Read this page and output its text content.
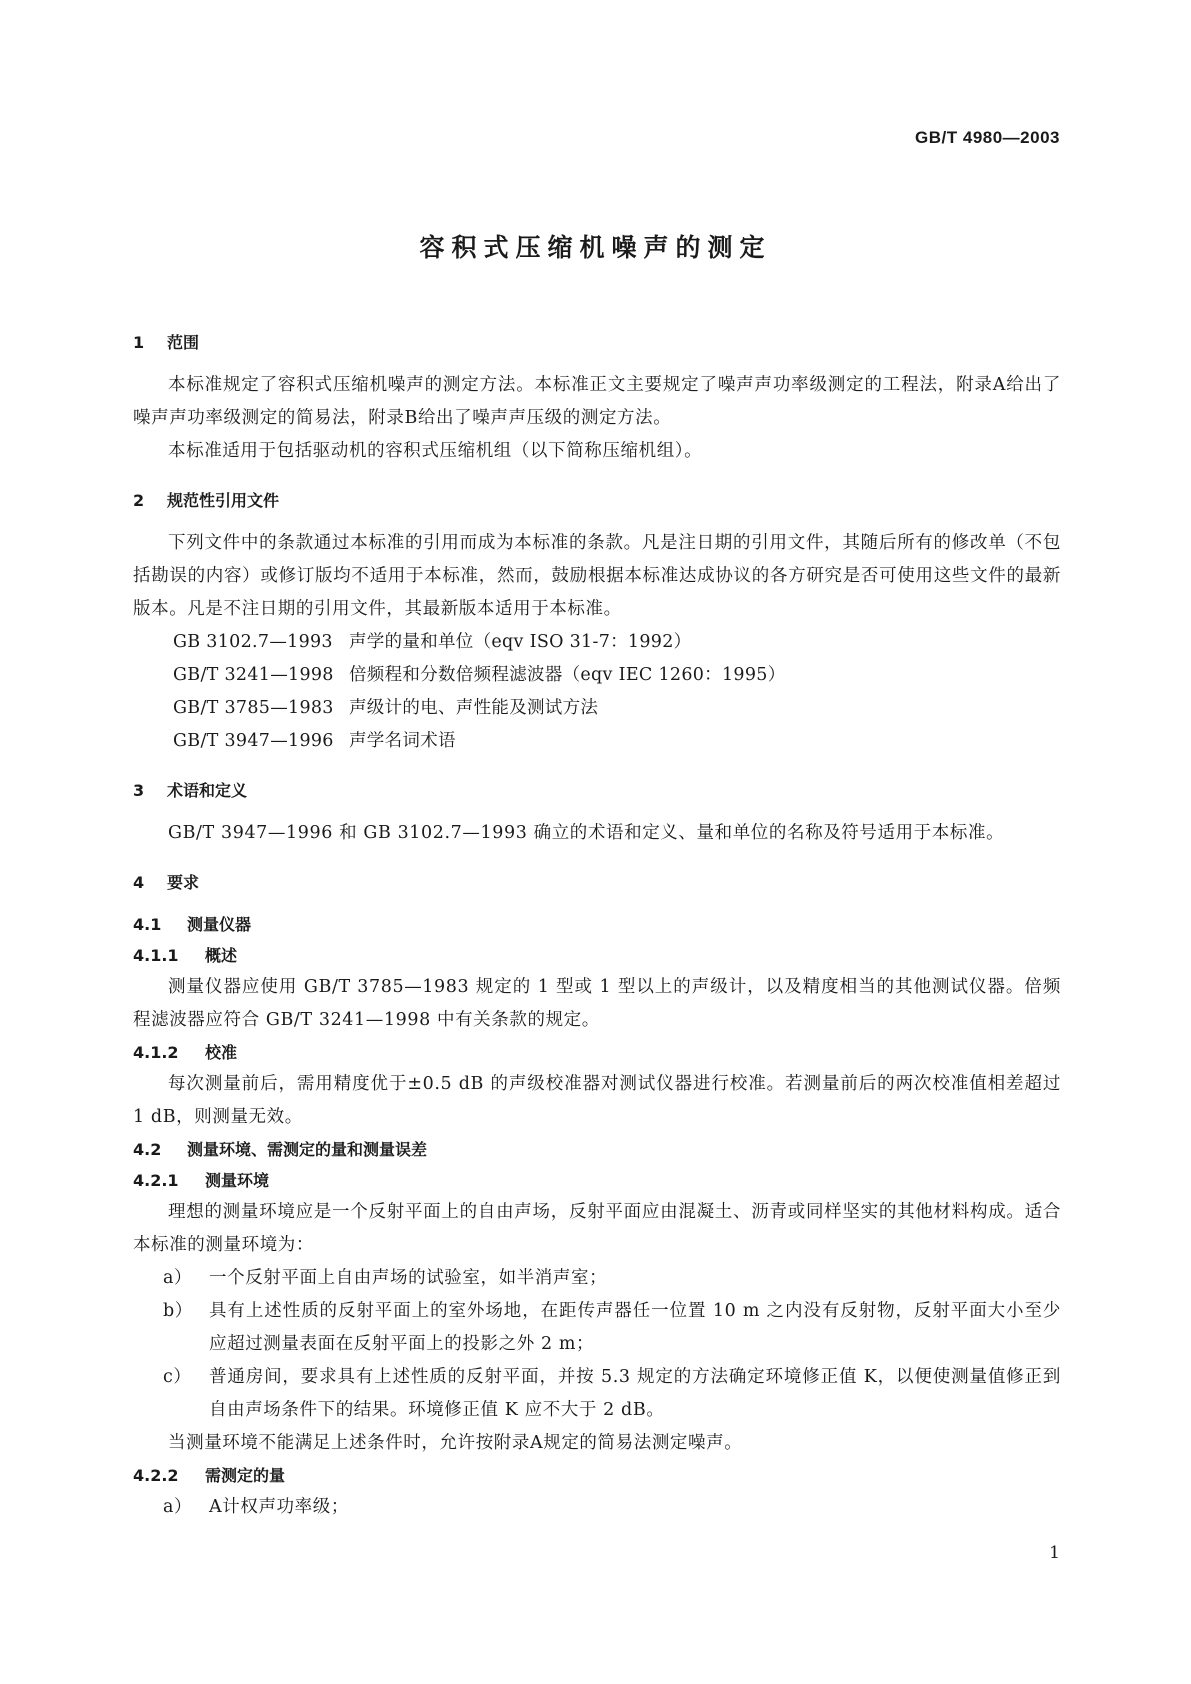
GB/T 4980—2003
容积式压缩机噪声的测定
1	范围

本标准规定了容积式压缩机噪声的测定方法。本标准正文主要规定了噪声声功率级测定的工程法，附录A给出了噪声声功率级测定的简易法，附录B给出了噪声声压级的测定方法。

本标准适用于包括驱动机的容积式压缩机组（以下简称压缩机组）。

2	规范性引用文件

下列文件中的条款通过本标准的引用而成为本标准的条款。凡是注日期的引用文件，其随后所有的修改单（不包括勘误的内容）或修订版均不适用于本标准，然而，鼓励根据本标准达成协议的各方研究是否可使用这些文件的最新版本。凡是不注日期的引用文件，其最新版本适用于本标准。

GB 3102.7—1993 声学的量和单位（eqv ISO 31-7：1992）
GB/T 3241—1998 倍频程和分数倍频程滤波器（eqv IEC 1260：1995）
GB/T 3785—1983 声级计的电、声性能及测试方法
GB/T 3947—1996 声学名词术语
3	术语和定义

GB/T 3947—1996 和 GB 3102.7—1993 确立的术语和定义、量和单位的名称及符号适用于本标准。

4	要求
4.1	测量仪器
4.1.1	概述

测量仪器应使用 GB/T 3785—1983 规定的 1 型或 1 型以上的声级计，以及精度相当的其他测试仪器。倍频程滤波器应符合 GB/T 3241—1998 中有关条款的规定。

4.1.2	校准

每次测量前后，需用精度优于±0.5 dB 的声级校准器对测试仪器进行校准。若测量前后的两次校准值相差超过 1 dB，则测量无效。

4.2	测量环境、需测定的量和测量误差
4.2.1	测量环境

理想的测量环境应是一个反射平面上的自由声场，反射平面应由混凝土、沥青或同样坚实的其他材料构成。适合本标准的测量环境为：

a） 一个反射平面上自由声场的试验室，如半消声室；
b） 具有上述性质的反射平面上的室外场地，在距传声器任一位置 10 m 之内没有反射物，反射平面大小至少应超过测量表面在反射平面上的投影之外 2 m；
c） 普通房间，要求具有上述性质的反射平面，并按 5.3 规定的方法确定环境修正值 K，以便使测量值修正到自由声场条件下的结果。环境修正值 K 应不大于 2 dB。

当测量环境不能满足上述条件时，允许按附录A规定的简易法测定噪声。

4.2.2	需测定的量
a） A计权声功率级；
1
